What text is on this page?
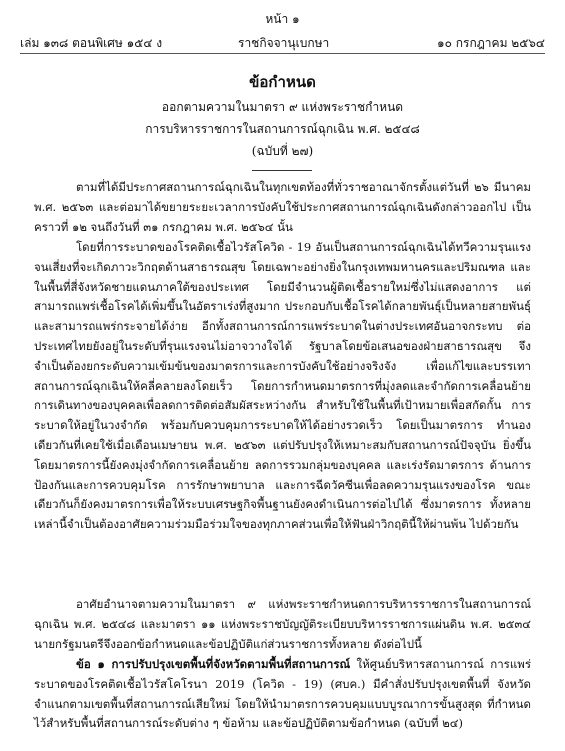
หน้า ๑
เล่ม ๑๓๘ ตอนพิเศษ ๑๕๔ ง	ราชกิจจานุเบกษา	๑๐ กรกฎาคม ๒๕๖๔
ข้อกำหนด
ออกตามความในมาตรา ๙ แห่งพระราชกำหนด
การบริหารราชการในสถานการณ์ฉุกเฉิน พ.ศ. ๒๕๔๘
(ฉบับที่ ๒๗)

ตามที่ได้มีประกาศสถานการณ์ฉุกเฉินในทุกเขตท้องที่ทั่วราชอาณาจักรตั้งแต่วันที่ ๒๖ มีนาคม พ.ศ. ๒๕๖๓ และต่อมาได้ขยายระยะเวลาการบังคับใช้ประกาศสถานการณ์ฉุกเฉินดังกล่าวออกไป เป็นคราวที่ ๑๒ จนถึงวันที่ ๓๑ กรกฎาคม พ.ศ. ๒๕๖๔ นั้น

โดยที่การระบาดของโรคติดเชื้อไวรัสโควิด - 19 อันเป็นสถานการณ์ฉุกเฉินได้ทวีความรุนแรง จนเสี่ยงที่จะเกิดภาวะวิกฤตด้านสาธารณสุข โดยเฉพาะอย่างยิ่งในกรุงเทพมหานครและปริมณฑล และในพื้นที่สี่จังหวัดชายแดนภาคใต้ของประเทศ โดยมีจำนวนผู้ติดเชื้อรายใหม่ซึ่งไม่แสดงอาการ แต่สามารถแพร่เชื้อโรคได้เพิ่มขึ้นในอัตราเร่งที่สูงมาก ประกอบกับเชื้อโรคได้กลายพันธุ์เป็นหลายสายพันธุ์ และสามารถแพร่กระจายได้ง่าย อีกทั้งสถานการณ์การแพร่ระบาดในต่างประเทศอันอาจกระทบ ต่อประเทศไทยยังอยู่ในระดับที่รุนแรงจนไม่อาจวางใจได้ รัฐบาลโดยข้อเสนอของฝ่ายสาธารณสุข จึงจำเป็นต้องยกระดับความเข้มข้นของมาตรการและการบังคับใช้อย่างจริงจัง เพื่อแก้ไขและบรรเทา สถานการณ์ฉุกเฉินให้คลี่คลายลงโดยเร็ว โดยการกำหนดมาตรการที่มุ่งลดและจำกัดการเคลื่อนย้าย การเดินทางของบุคคลเพื่อลดการติดต่อสัมผัสระหว่างกัน สำหรับใช้ในพื้นที่เป้าหมายเพื่อสกัดกั้น การระบาดให้อยู่ในวงจำกัด พร้อมกับควบคุมการระบาดให้ได้อย่างรวดเร็ว โดยเป็นมาตรการ ทำนองเดียวกันที่เคยใช้เมื่อเดือนเมษายน พ.ศ. ๒๕๖๓ แต่ปรับปรุงให้เหมาะสมกับสถานการณ์ปัจจุบัน ยิ่งขึ้น โดยมาตรการนี้ยังคงมุ่งจำกัดการเคลื่อนย้าย ลดการรวมกลุ่มของบุคคล และเร่งรัดมาตรการ ด้านการป้องกันและการควบคุมโรค การรักษาพยาบาล และการฉีดวัคซีนเพื่อลดความรุนแรงของโรค ขณะเดียวกันก็ยังคงมาตรการเพื่อให้ระบบเศรษฐกิจพื้นฐานยังคงดำเนินการต่อไปได้ ซึ่งมาตรการ ทั้งหลายเหล่านี้จำเป็นต้องอาศัยความร่วมมือร่วมใจของทุกภาคส่วนเพื่อให้ฟันฝ่าวิกฤตินี้ให้ผ่านพ้น ไปด้วยกัน

อาศัยอำนาจตามความในมาตรา ๙ แห่งพระราชกำหนดการบริหารราชการในสถานการณ์ฉุกเฉิน พ.ศ. ๒๕๔๘ และมาตรา ๑๑ แห่งพระราชบัญญัติระเบียบบริหารราชการแผ่นดิน พ.ศ. ๒๕๓๔ นายกรัฐมนตรีจึงออกข้อกำหนดและข้อปฏิบัติแก่ส่วนราชการทั้งหลาย ดังต่อไปนี้

ข้อ ๑ การปรับปรุงเขตพื้นที่จังหวัดตามพื้นที่สถานการณ์ ให้ศูนย์บริหารสถานการณ์ การแพร่ระบาดของโรคติดเชื้อไวรัสโคโรนา 2019 (โควิด - 19) (ศบค.) มีคำสั่งปรับปรุงเขตพื้นที่ จังหวัดจำแนกตามเขตพื้นที่สถานการณ์เสียใหม่ โดยให้นำมาตรการควบคุมแบบบูรณาการขั้นสูงสุด ที่กำหนดไว้สำหรับพื้นที่สถานการณ์ระดับต่าง ๆ ข้อห้าม และข้อปฏิบัติตามข้อกำหนด (ฉบับที่ ๒๔)
